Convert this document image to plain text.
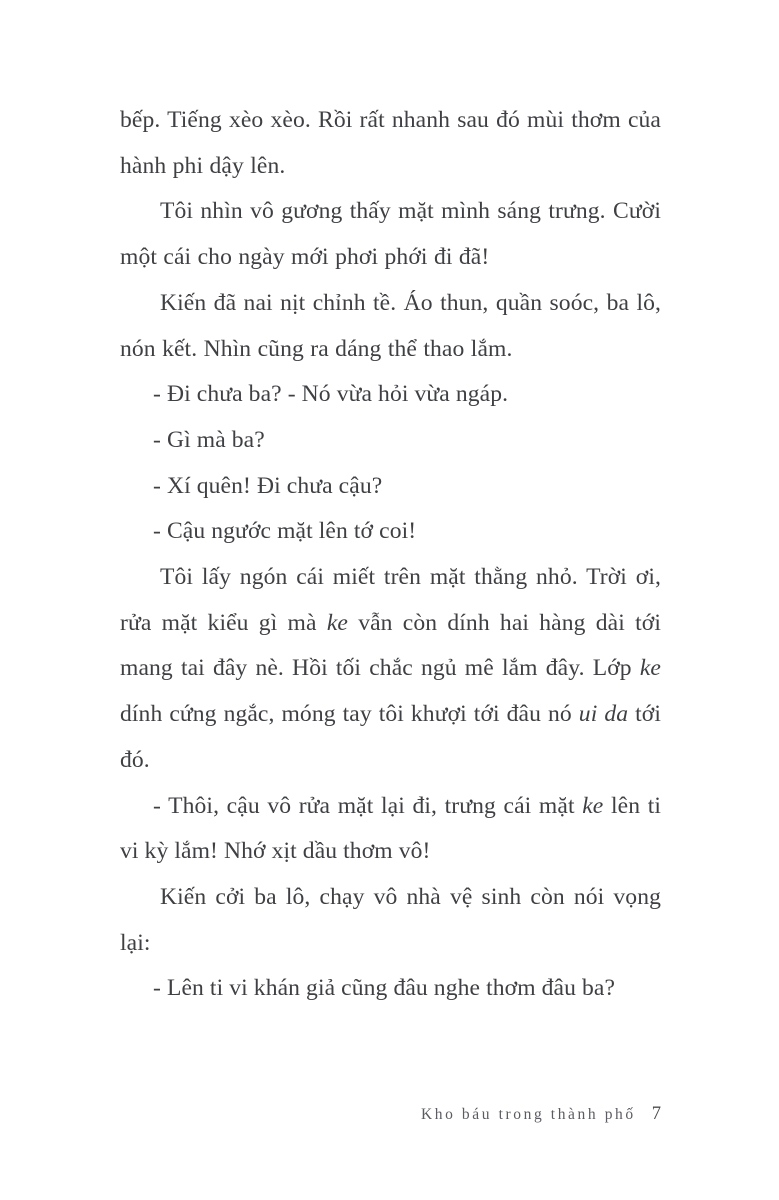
bếp. Tiếng xèo xèo. Rồi rất nhanh sau đó mùi thơm của hành phi dậy lên.

Tôi nhìn vô gương thấy mặt mình sáng trưng. Cười một cái cho ngày mới phơi phới đi đã!

Kiến đã nai nịt chỉnh tề. Áo thun, quần soóc, ba lô, nón kết. Nhìn cũng ra dáng thể thao lắm.

- Đi chưa ba? - Nó vừa hỏi vừa ngáp.

- Gì mà ba?

- Xí quên! Đi chưa cậu?

- Cậu ngước mặt lên tớ coi!

Tôi lấy ngón cái miết trên mặt thằng nhỏ. Trời ơi, rửa mặt kiểu gì mà ke vẫn còn dính hai hàng dài tới mang tai đây nè. Hồi tối chắc ngủ mê lắm đây. Lớp ke dính cứng ngắc, móng tay tôi khượi tới đâu nó ui da tới đó.

- Thôi, cậu vô rửa mặt lại đi, trưng cái mặt ke lên ti vi kỳ lắm! Nhớ xịt dầu thơm vô!

Kiến cởi ba lô, chạy vô nhà vệ sinh còn nói vọng lại:

- Lên ti vi khán giả cũng đâu nghe thơm đâu ba?

Kho báu trong thành phố 7
